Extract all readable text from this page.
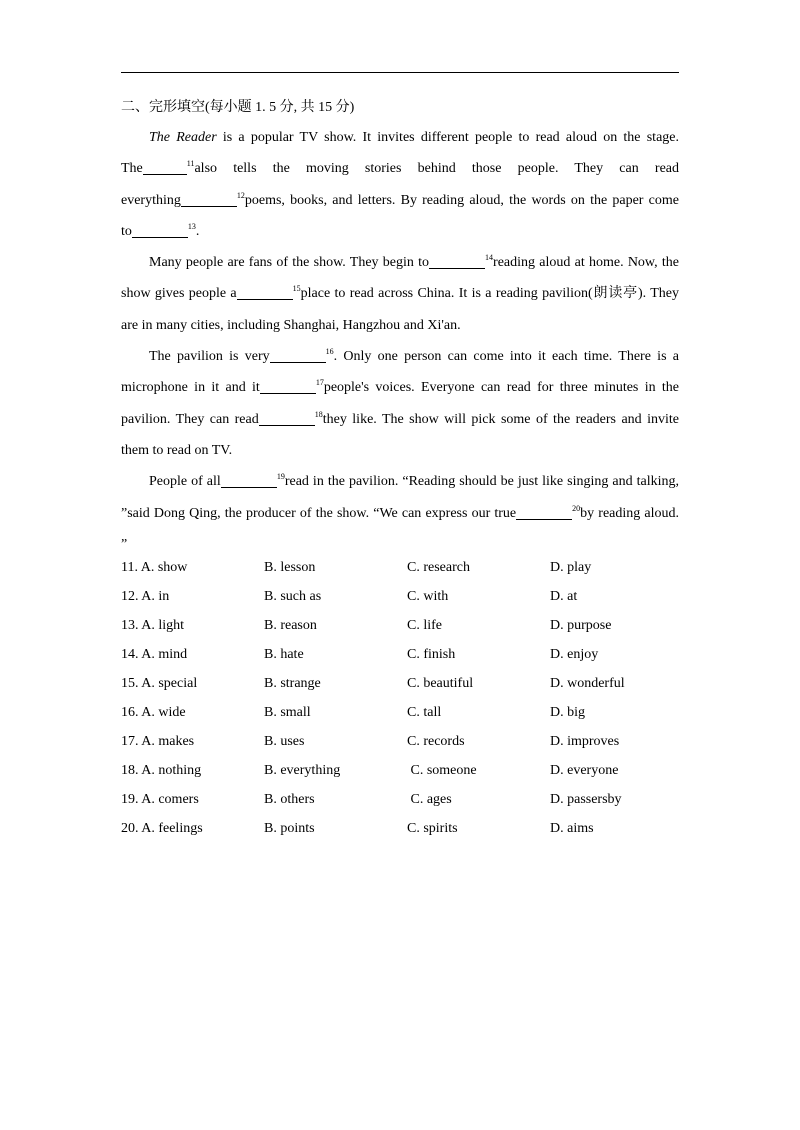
二、完形填空(每小题 1. 5 分, 共 15 分)
The Reader is a popular TV show. It invites different people to read aloud on the stage.
The	$^{11}$also tells the moving stories behind those people. They can read
everything	$^{12}$poems, books, and letters. By reading aloud, the words on the paper come
to	$^{13}$.
Many people are fans of the show. They begin to	$^{14}$reading aloud at home. Now, the
show gives people a	$^{15}$place to read across China. It is a reading pavilion(朗读亭). They
are in many cities, including Shanghai, Hangzhou and Xi'an.
The pavilion is very	$^{16}$. Only one person can come into it each time. There is a
microphone in it and it	$^{17}$people's voices. Everyone can read for three minutes in the
pavilion. They can read	$^{18}$they like. The show will pick some of the readers and invite
them to read on TV.
People of all	$^{19}$read in the pavilion. “Reading should be just like singing and talking,
”said Dong Qing, the producer of the show. “We can express our true	$^{20}$by reading aloud.
”
11. A. show	B. lesson	C. research	D. play
12. A. in	B. such as	C. with	D. at
13. A. light	B. reason	C. life	D. purpose
14. A. mind	B. hate	C. finish	D. enjoy
15. A. special	B. strange	C. beautiful	D. wonderful
16. A. wide	B. small	C. tall	D. big
17. A. makes	B. uses	C. records	D. improves
18. A. nothing	B. everything	C. someone	D. everyone
19. A. comers	B. others	C. ages	D. passersby
20. A. feelings	B. points	C. spirits	D. aims
